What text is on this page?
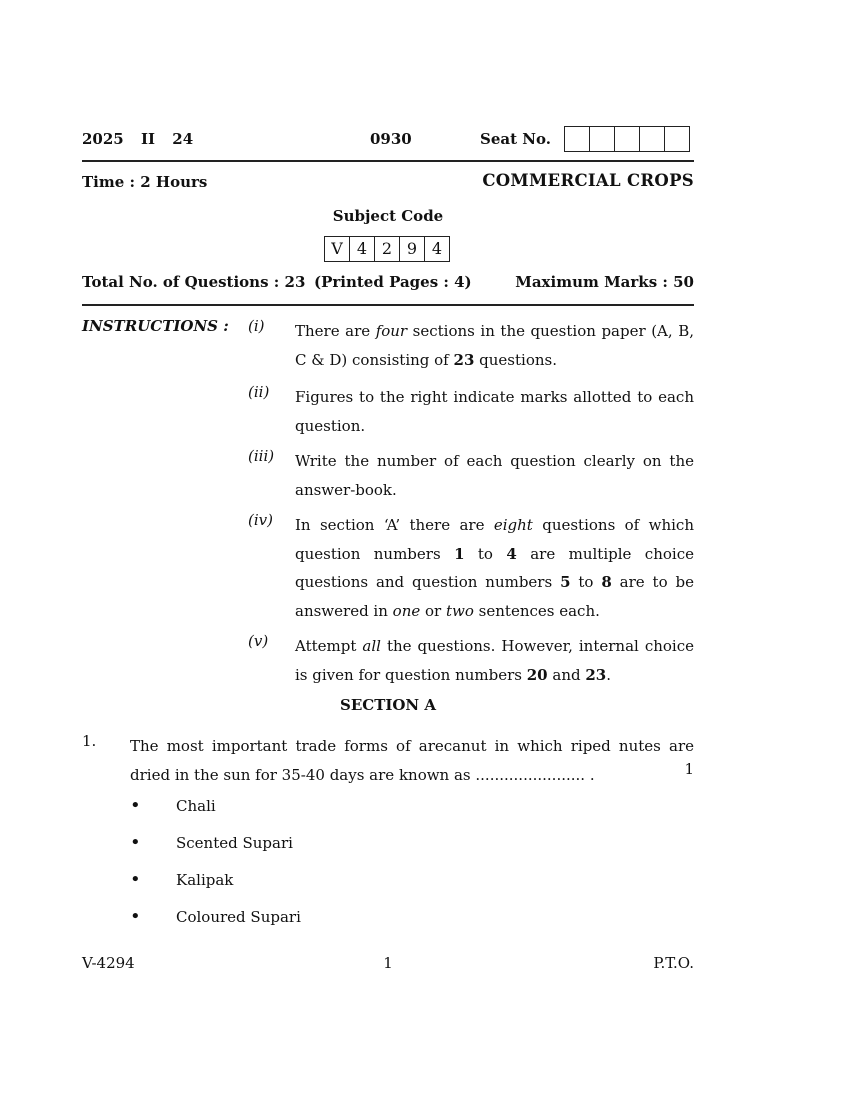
2025 II 24	0930	Seat No.
Time : 2 Hours	COMMERCIAL CROPS
Subject Code
V 4 2 9 4
Total No. of Questions : 23 (Printed Pages : 4)	Maximum Marks : 50
INSTRUCTIONS : (i) There are four sections in the question paper (A, B, C & D) consisting of 23 questions.
(ii) Figures to the right indicate marks allotted to each question.
(iii) Write the number of each question clearly on the answer-book.
(iv) In section ‘A’ there are eight questions of which question numbers 1 to 4 are multiple choice questions and question numbers 5 to 8 are to be answered in one or two sentences each.
(v) Attempt all the questions. However, internal choice is given for question numbers 20 and 23.
SECTION A
1. The most important trade forms of arecanut in which riped nutes are dried in the sun for 35-40 days are known as ....................... .	1
• Chali
• Scented Supari
• Kalipak
• Coloured Supari
V-4294	1	P.T.O.
